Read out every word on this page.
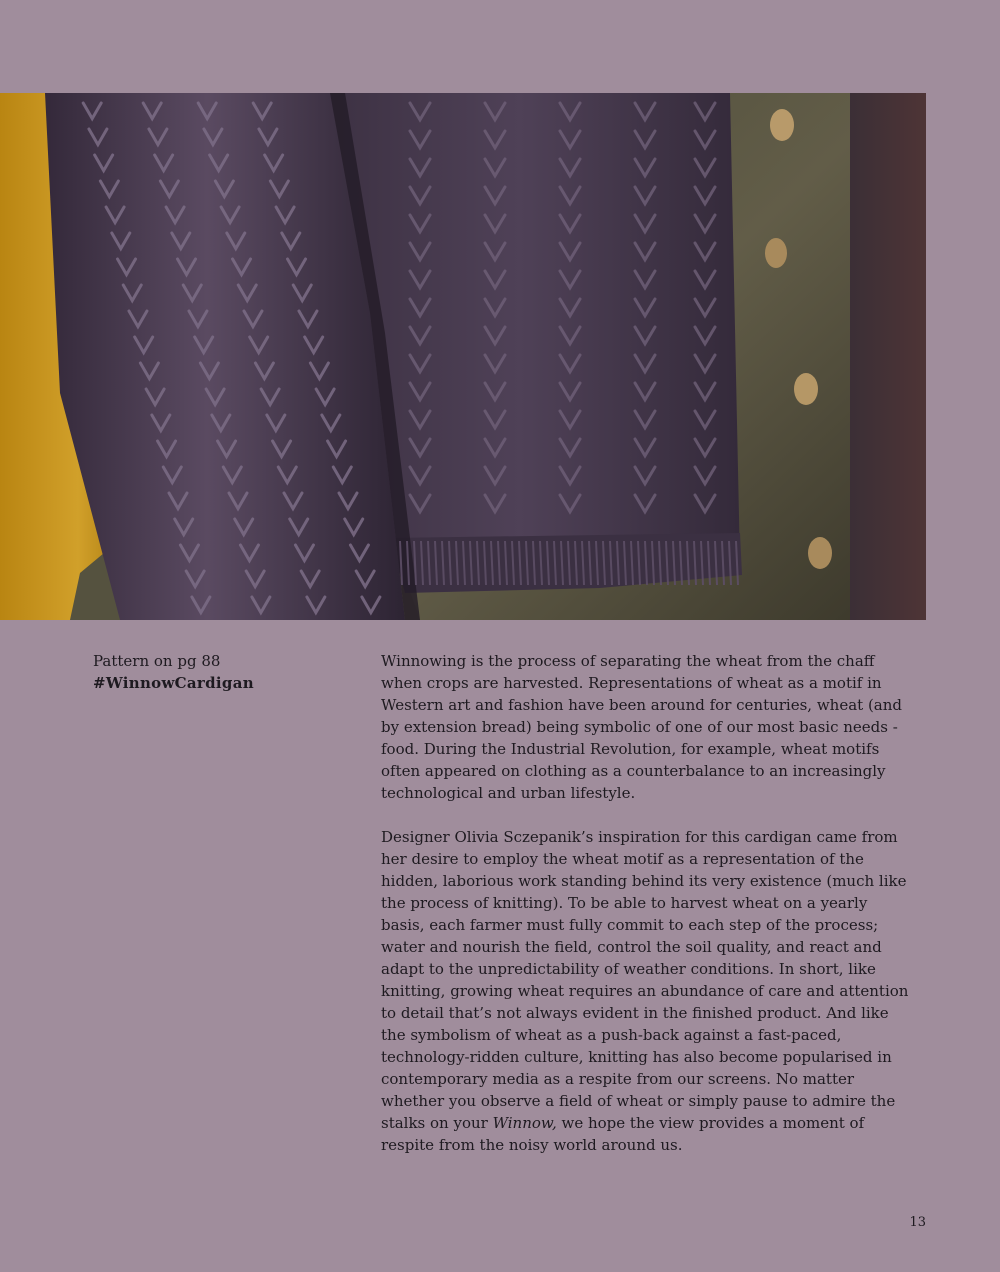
Pattern on pg 88
#WinnowCardigan

Winnowing is the process of separating the wheat from the chaff when crops are harvested. Representations of wheat as a motif in Western art and fashion have been around for centuries, wheat (and by extension bread) being symbolic of one of our most basic needs - food. During the Industrial Revolution, for example, wheat motifs often appeared on clothing as a counterbalance to an increasingly technological and urban lifestyle.

Designer Olivia Sczepanik’s inspiration for this cardigan came from her desire to employ the wheat motif as a representation of the hidden, laborious work standing behind its very existence (much like the process of knitting). To be able to harvest wheat on a yearly basis, each farmer must fully commit to each step of the process; water and nourish the field, control the soil quality, and react and adapt to the unpredictability of weather conditions. In short, like knitting, growing wheat requires an abundance of care and attention to detail that’s not always evident in the finished product. And like the symbolism of wheat as a push-back against a fast-paced, technology-ridden culture, knitting has also become popularised in contemporary media as a respite from our screens. No matter whether you observe a field of wheat or simply pause to admire the stalks on your Winnow, we hope the view provides a moment of respite from the noisy world around us.

13
